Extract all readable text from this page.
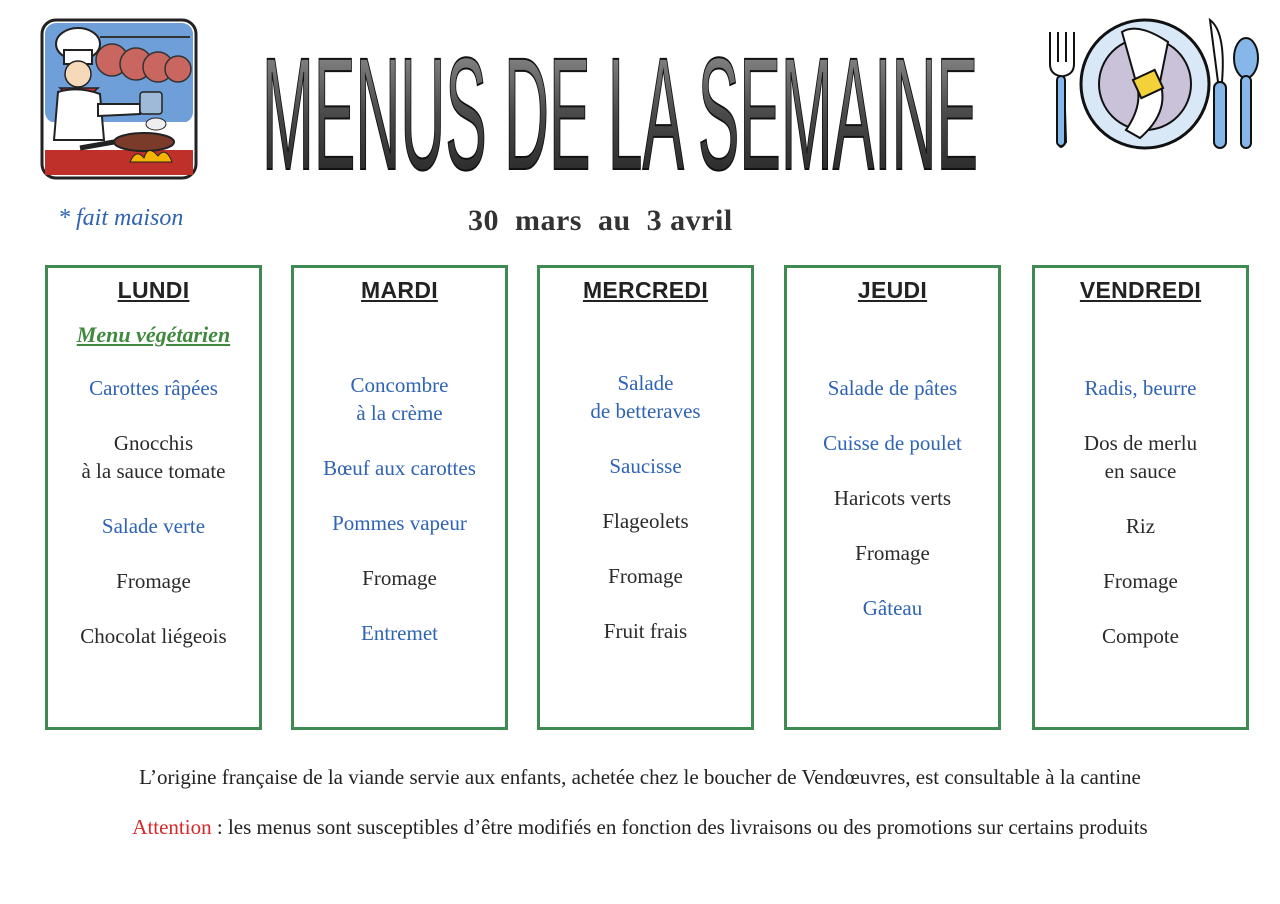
MENUS DE LA SEMAINE
* fait maison	30  mars  au  3 avril
LUNDI
Menu végétarien
Carottes râpées
Gnocchis
à la sauce tomate
Salade verte
Fromage
Chocolat liégeois
MARDI
Concombre
à la crème
Bœuf aux carottes
Pommes vapeur
Fromage
Entremet
MERCREDI
Salade
de betteraves
Saucisse
Flageolets
Fromage
Fruit frais
JEUDI
Salade de pâtes
Cuisse de poulet
Haricots verts
Fromage
Gâteau
VENDREDI
Radis, beurre
Dos de merlu
en sauce
Riz
Fromage
Compote
L’origine française de la viande servie aux enfants, achetée chez le boucher de Vendœuvres, est consultable à la cantine
Attention : les menus sont susceptibles d’être modifiés en fonction des livraisons ou des promotions sur certains produits
